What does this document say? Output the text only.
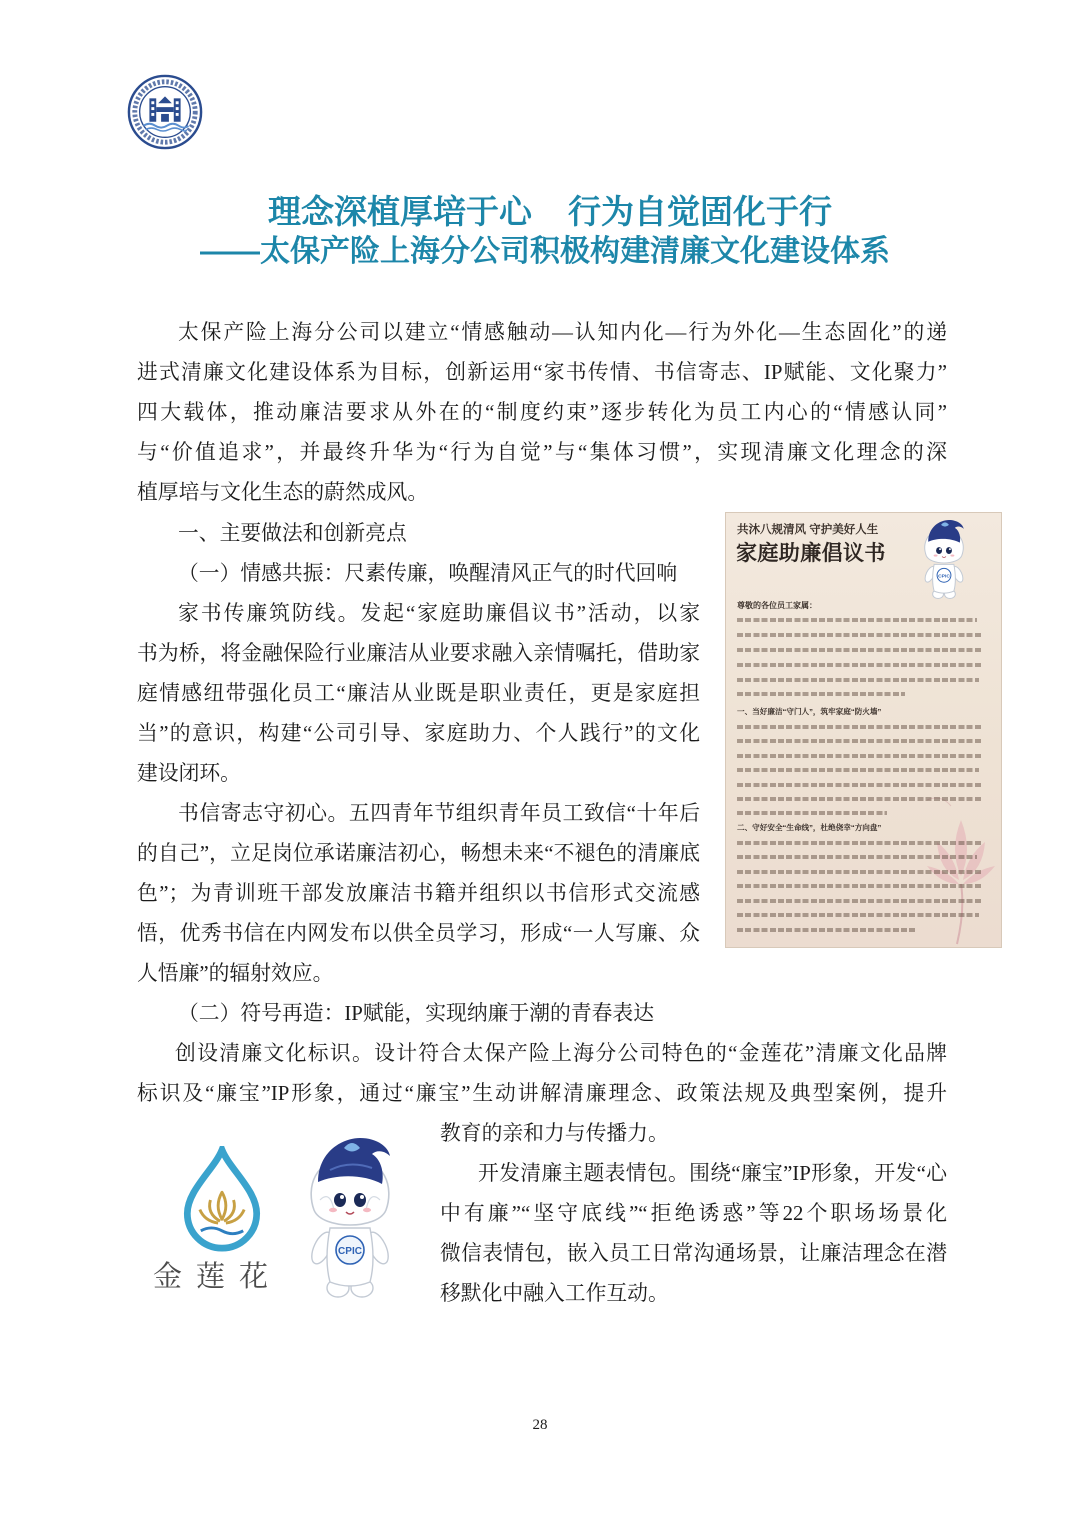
理念深植厚培于心 行为自觉固化于行
——太保产险上海分公司积极构建清廉文化建设体系
太保产险上海分公司以建立“情感触动—认知内化—行为外化—生态固化”的递
进式清廉文化建设体系为目标，创新运用“家书传情、书信寄志、IP赋能、文化聚力”
四大载体，推动廉洁要求从外在的“制度约束”逐步转化为员工内心的“情感认同”
与“价值追求”，并最终升华为“行为自觉”与“集体习惯”，实现清廉文化理念的深
植厚培与文化生态的蔚然成风。
一、主要做法和创新亮点
（一）情感共振：尺素传廉，唤醒清风正气的时代回响
家书传廉筑防线。发起“家庭助廉倡议书”活动，以家
书为桥，将金融保险行业廉洁从业要求融入亲情嘱托，借助家
庭情感纽带强化员工“廉洁从业既是职业责任，更是家庭担
当”的意识，构建“公司引导、家庭助力、个人践行”的文化
建设闭环。
书信寄志守初心。五四青年节组织青年员工致信“十年后
的自己”，立足岗位承诺廉洁初心，畅想未来“不褪色的清廉底
色”；为青训班干部发放廉洁书籍并组织以书信形式交流感
悟，优秀书信在内网发布以供全员学习，形成“一人写廉、众
人悟廉”的辐射效应。
共沐八规清风 守护美好人生
家庭助廉倡议书
CPIC
尊敬的各位员工家属：
一、当好廉洁“守门人”，筑牢家庭“防火墙”
二、守好安全“生命线”，杜绝侥幸“方向盘”
（二）符号再造：IP赋能，实现纳廉于潮的青春表达
创设清廉文化标识。设计符合太保产险上海分公司特色的“金莲花”清廉文化品牌
标识及“廉宝”IP形象，通过“廉宝”生动讲解清廉理念、政策法规及典型案例，提升
教育的亲和力与传播力。
开发清廉主题表情包。围绕“廉宝”IP形象，开发“心
中有廉”“坚守底线”“拒绝诱惑”等22个职场场景化
微信表情包，嵌入员工日常沟通场景，让廉洁理念在潜
移默化中融入工作互动。
金莲花
CPIC
28
